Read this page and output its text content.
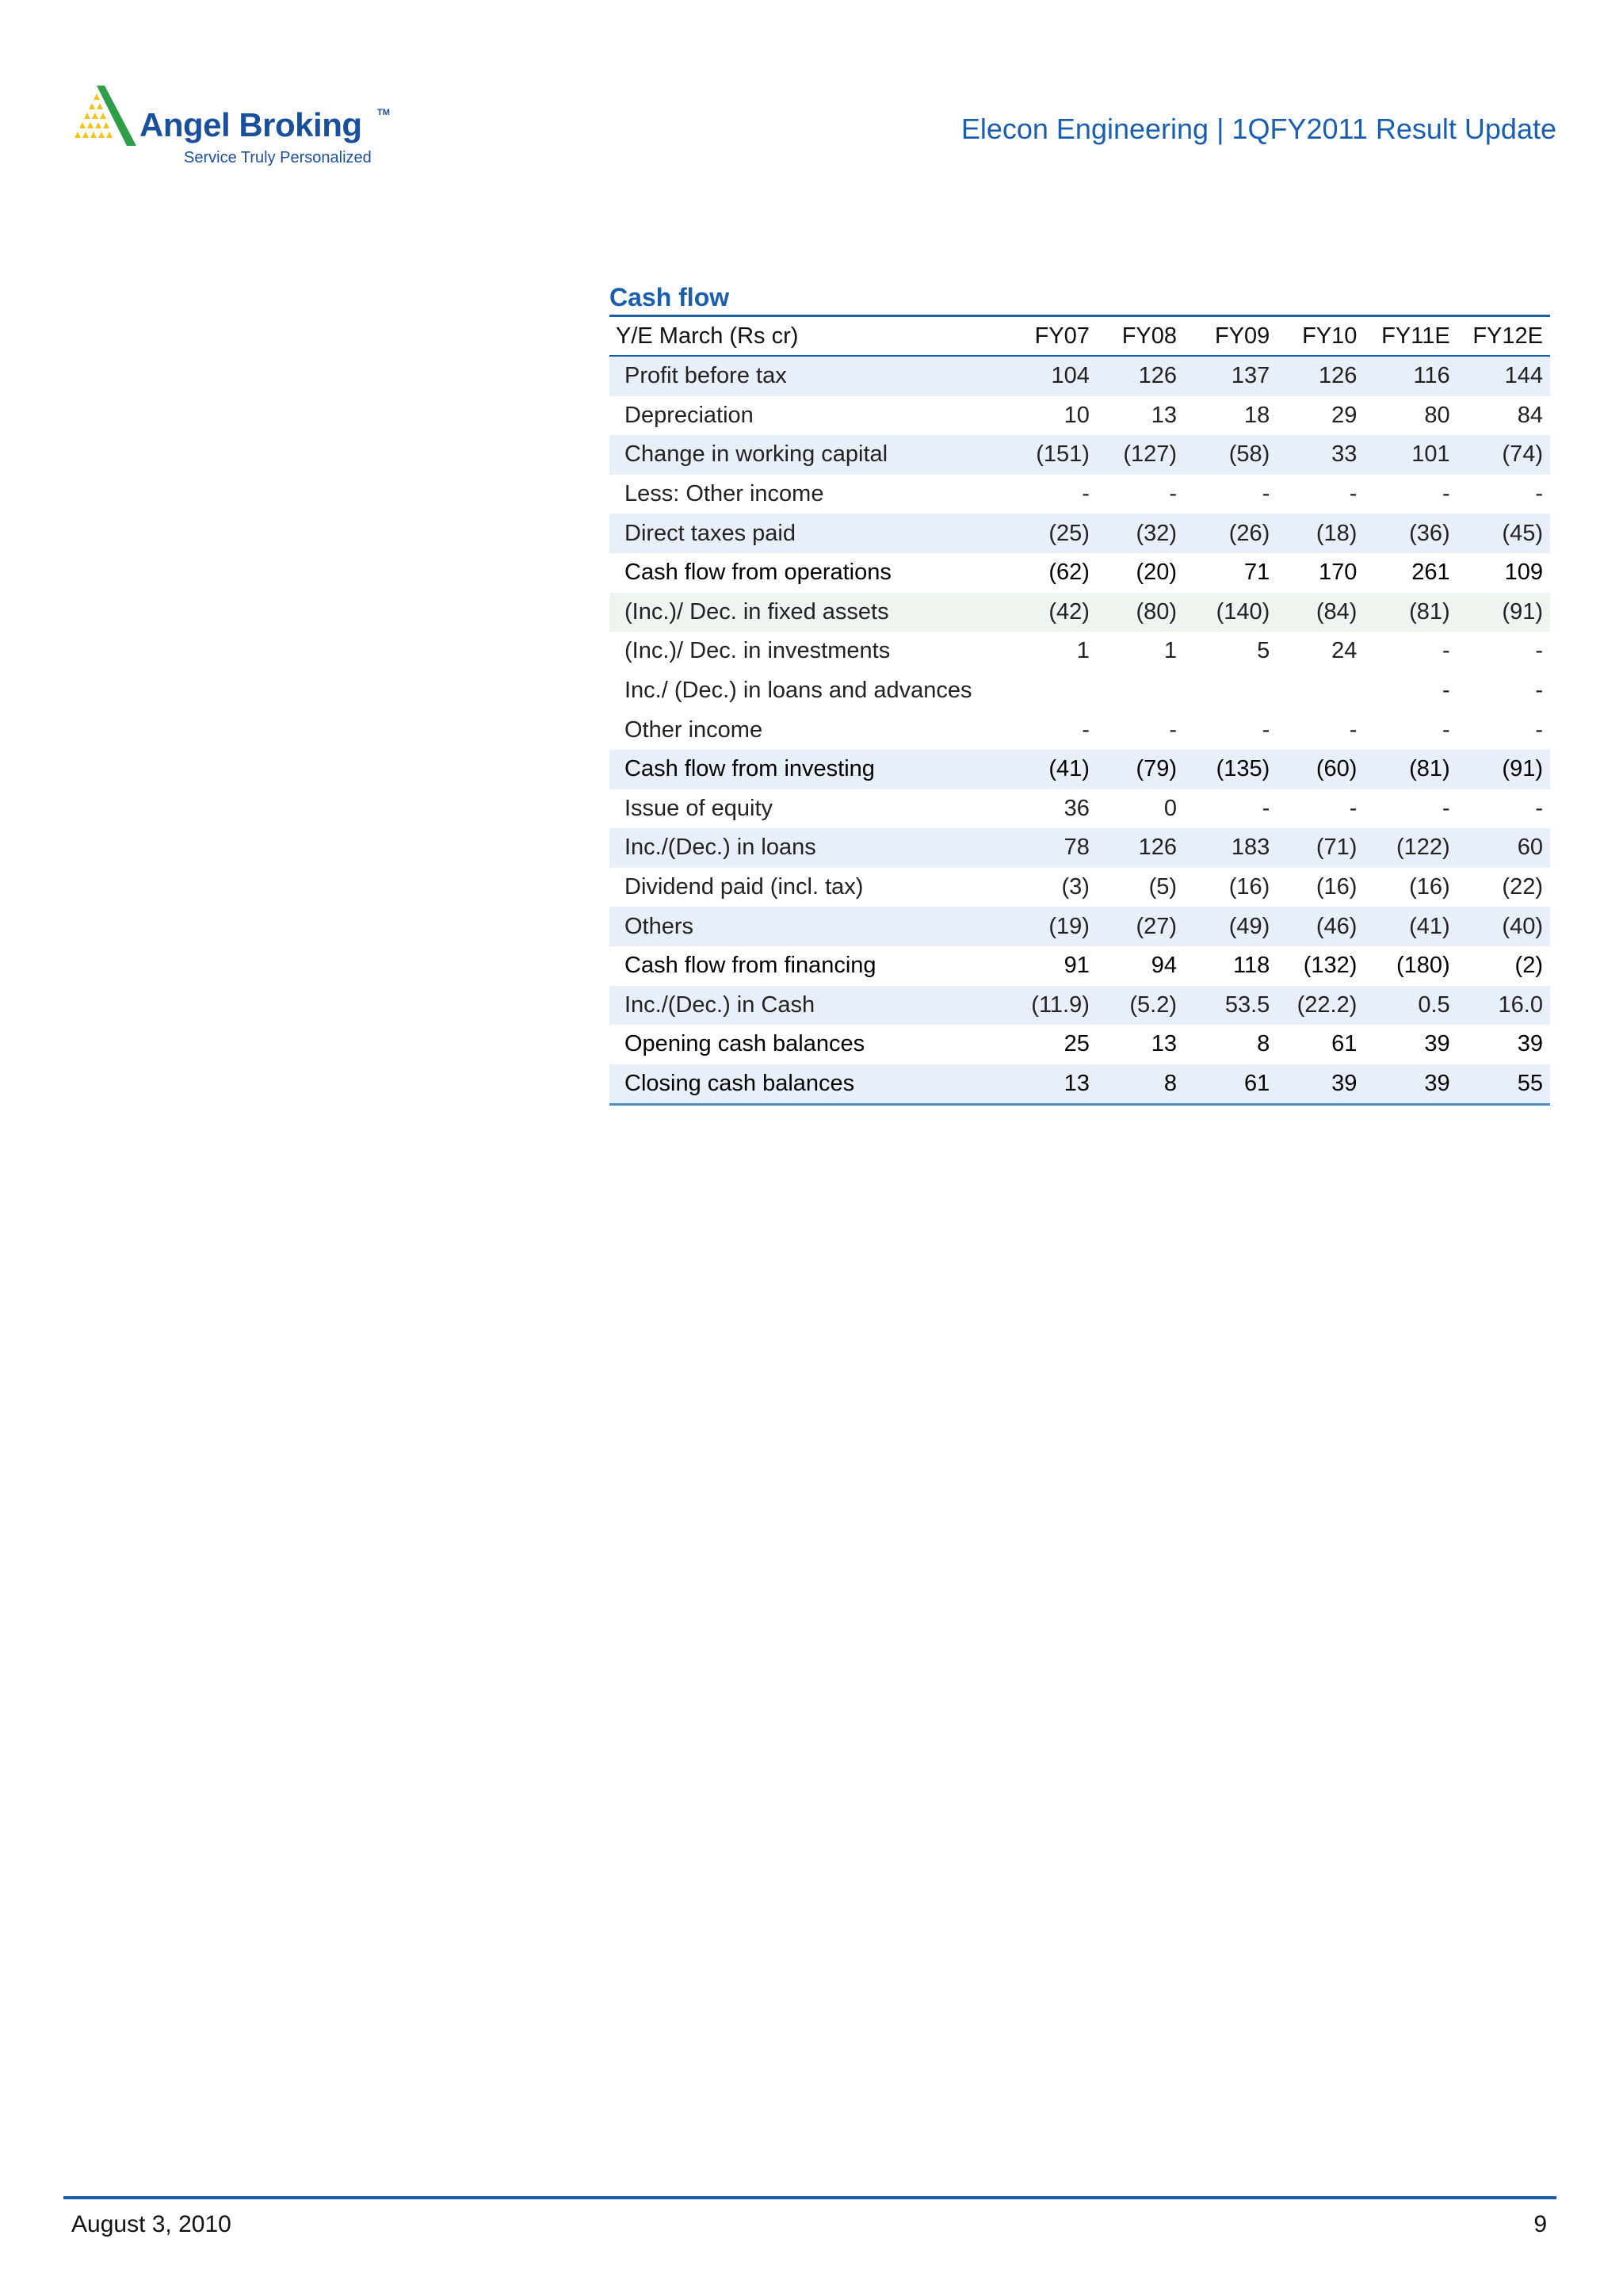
Angel Broking TM
Service Truly Personalized
Elecon Engineering | 1QFY2011 Result Update
Cash flow
Y/E March (Rs cr)	FY07	FY08	FY09	FY10	FY11E	FY12E
Profit before tax	104	126	137	126	116	144
Depreciation	10	13	18	29	80	84
Change in working capital	(151)	(127)	(58)	33	101	(74)
Less: Other income	-	-	-	-	-	-
Direct taxes paid	(25)	(32)	(26)	(18)	(36)	(45)
Cash flow from operations	(62)	(20)	71	170	261	109
(Inc.)/ Dec. in fixed assets	(42)	(80)	(140)	(84)	(81)	(91)
(Inc.)/ Dec. in investments	1	1	5	24	-	-
Inc./ (Dec.) in loans and advances					-	-
Other income	-	-	-	-	-	-
Cash flow from investing	(41)	(79)	(135)	(60)	(81)	(91)
Issue of equity	36	0	-	-	-	-
Inc./(Dec.) in loans	78	126	183	(71)	(122)	60
Dividend paid (incl. tax)	(3)	(5)	(16)	(16)	(16)	(22)
Others	(19)	(27)	(49)	(46)	(41)	(40)
Cash flow from financing	91	94	118	(132)	(180)	(2)
Inc./(Dec.) in Cash	(11.9)	(5.2)	53.5	(22.2)	0.5	16.0
Opening cash balances	25	13	8	61	39	39
Closing cash balances	13	8	61	39	39	55
August 3, 2010	9
